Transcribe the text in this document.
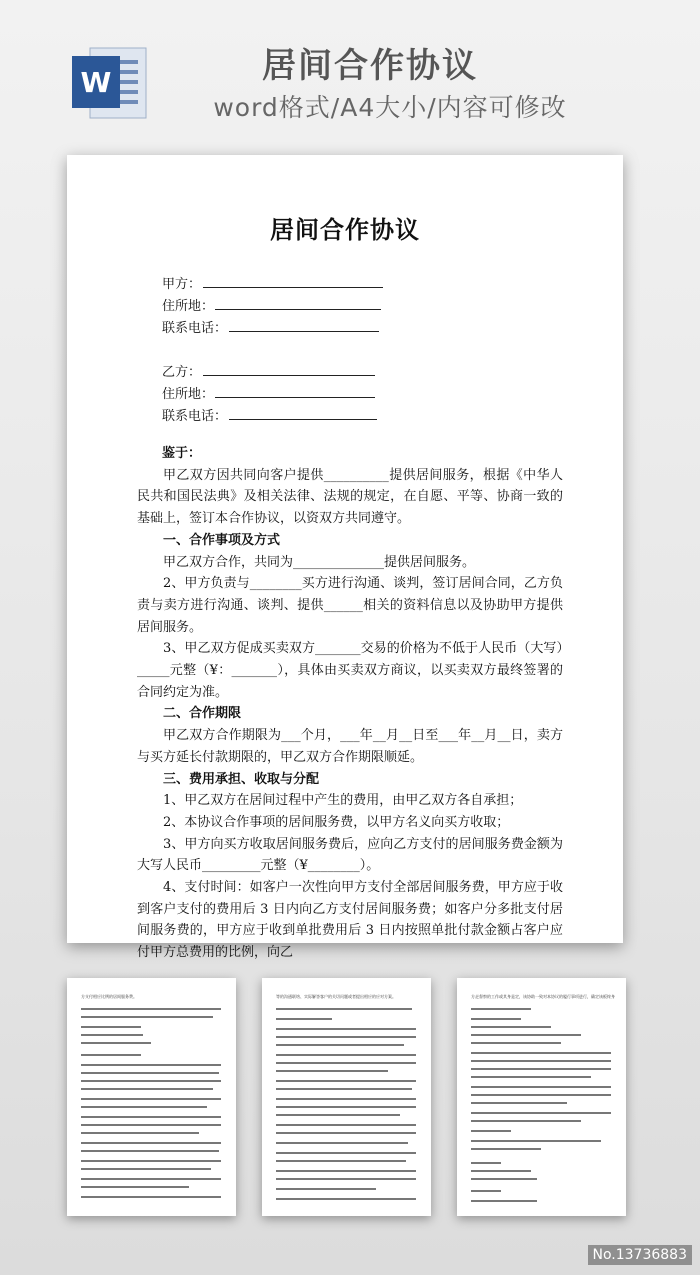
W	居间合作协议
word格式/A4大小/内容可修改
居间合作协议
甲方：
住所地：
联系电话：
乙方：
住所地：
联系电话：

鉴于：

甲乙双方因共同向客户提供__________提供居间服务，根据《中华人民共和国民法典》及相关法律、法规的规定，在自愿、平等、协商一致的基础上，签订本合作协议，以资双方共同遵守。

一、合作事项及方式

甲乙双方合作，共同为______________提供居间服务。

2、甲方负责与________买方进行沟通、谈判，签订居间合同，乙方负责与卖方进行沟通、谈判、提供______相关的资料信息以及协助甲方提供居间服务。

3、甲乙双方促成买卖双方_______交易的价格为不低于人民币（大写）_____元整（¥：_______），具体由买卖双方商议，以买卖双方最终签署的合同约定为准。

二、合作期限

甲乙双方合作期限为___个月，___年__月__日至___年__月__日，卖方与买方延长付款期限的，甲乙双方合作期限顺延。

三、费用承担、收取与分配

1、甲乙双方在居间过程中产生的费用，由甲乙双方各自承担；

2、本协议合作事项的居间服务费，以甲方名义向买方收取；

3、甲方向买方收取居间服务费后，应向乙方支付的居间服务费金额为大写人民币_________元整（¥________）。

4、支付时间：如客户一次性向甲方支付全部居间服务费，甲方应于收到客户支付的费用后 3 日内向乙方支付居间服务费；如客户分多批支付居间服务费的，甲方应于收到单批费用后 3 日内按照单批付款金额占客户应付甲方总费用的比例，向乙

方支付相应比例的居间服务费。	等的沟通联络、实际解答客户的关切问题或者提出相应的应对方案。	方走督察的工作或其身是定，该协助一致对本协议的履行事项进行，确定该板终身
No.13736883
